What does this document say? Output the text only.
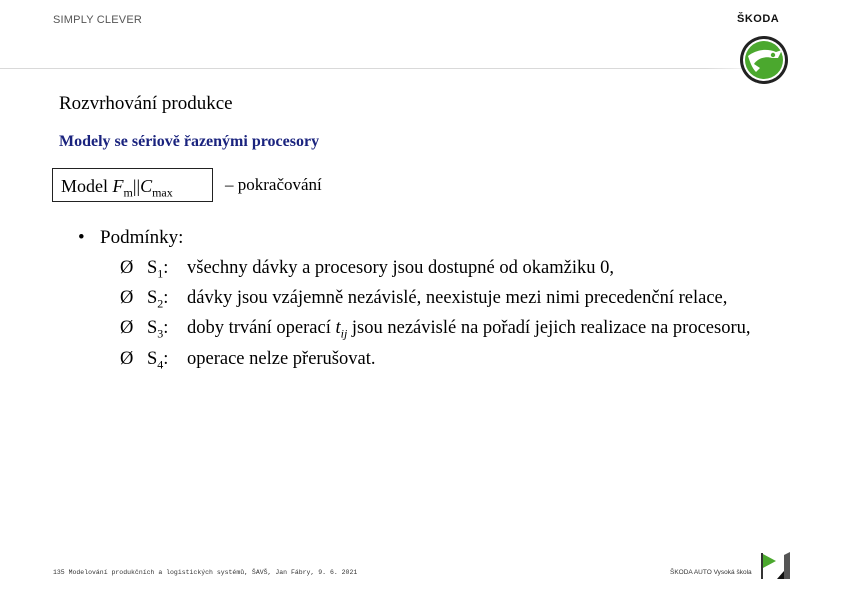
SIMPLY CLEVER	ŠKODA
Rozvrhování produkce
Modely se sériově řazenými procesory
Model $F_m||C_{max}$	– pokračování
• Podmínky:
Ø $S_1$: všechny dávky a procesory jsou dostupné od okamžiku 0,
Ø $S_2$: dávky jsou vzájemně nezávislé, neexistuje mezi nimi precedenční relace,
Ø $S_3$: doby trvání operací $t_{ij}$ jsou nezávislé na pořadí jejich realizace na procesoru,
Ø $S_4$: operace nelze přerušovat.
135 Modelování produkčních a logistických systémů, ŠAVŠ, Jan Fábry, 9. 6. 2021	ŠKODA AUTO Vysoká škola
